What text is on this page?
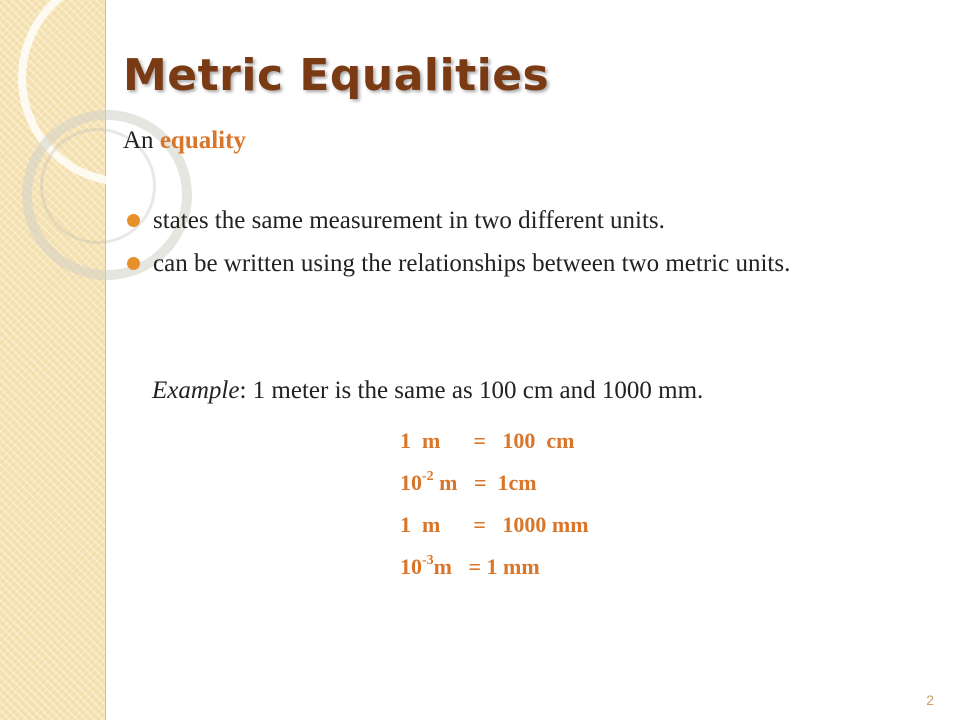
Metric Equalities
An equality
states the same measurement in two different units.
can be written using the relationships between two metric units.
Example: 1 meter is the same as 100 cm and 1000 mm.
1  m      =   100  cm
$10^{-2}$ m   =  1cm
1  m      =   1000 mm
$10^{-3}m = 1$ mm
2
